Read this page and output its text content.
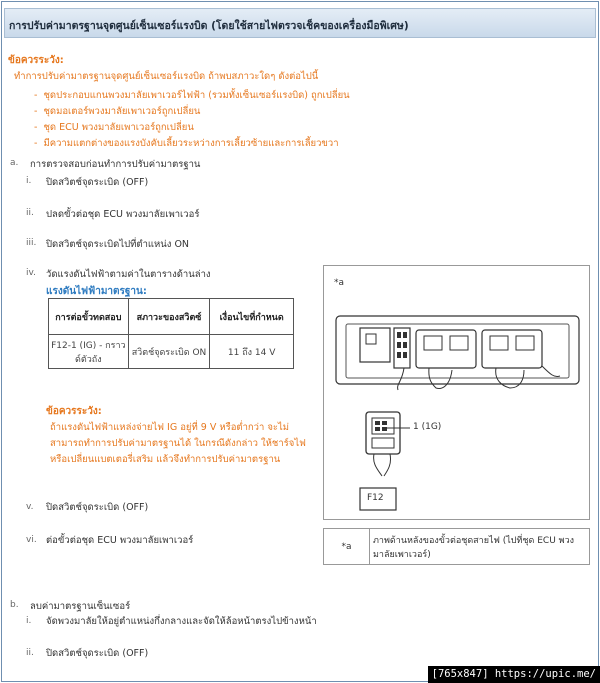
การปรับค่ามาตรฐานจุดศูนย์เซ็นเซอร์แรงบิด (โดยใช้สายไฟตรวจเช็คของเครื่องมือพิเศษ)
ข้อควรระวัง:
ทำการปรับค่ามาตรฐานจุดศูนย์เซ็นเซอร์แรงบิด ถ้าพบสภาวะใดๆ ดังต่อไปนี้
-  ชุดประกอบแกนพวงมาลัยเพาเวอร์ไฟฟ้า (รวมทั้งเซ็นเซอร์แรงบิด) ถูกเปลี่ยน
-  ชุดมอเตอร์พวงมาลัยเพาเวอร์ถูกเปลี่ยน
-  ชุด ECU พวงมาลัยเพาเวอร์ถูกเปลี่ยน
-  มีความแตกต่างของแรงบังคับเลี้ยวระหว่างการเลี้ยวซ้ายและการเลี้ยวขวา
a. การตรวจสอบก่อนทำการปรับค่ามาตรฐาน
i. ปิดสวิตช์จุดระเบิด (OFF)
ii. ปลดขั้วต่อชุด ECU พวงมาลัยเพาเวอร์
iii. ปิดสวิตช์จุดระเบิดไปที่ตำแหน่ง ON
iv. วัดแรงดันไฟฟ้าตามค่าในตารางด้านล่าง
แรงดันไฟฟ้ามาตรฐาน:
การต่อขั้วทดสอบ	สภาวะของสวิตซ์	เงื่อนไขที่กำหนด
F12-1 (IG) - กราวด์ตัวถัง	สวิตช์จุดระเบิด ON	11 ถึง 14 V
ข้อควรระวัง:
ถ้าแรงดันไฟฟ้าแหล่งจ่ายไฟ IG อยู่ที่ 9 V หรือต่ำกว่า จะไม่
สามารถทำการปรับค่ามาตรฐานได้ ในกรณีดังกล่าว ให้ชาร์จไฟ
หรือเปลี่ยนแบตเตอรี่เสริม แล้วจึงทำการปรับค่ามาตรฐาน
v. ปิดสวิตช์จุดระเบิด (OFF)
vi. ต่อขั้วต่อชุด ECU พวงมาลัยเพาเวอร์
*a
1 (1G)
F12
*a	ภาพด้านหลังของขั้วต่อชุดสายไฟ (ไปที่ชุด ECU พวงมาลัยเพาเวอร์)
b. ลบค่ามาตรฐานเซ็นเซอร์
i. จัดพวงมาลัยให้อยู่ตำแหน่งกึ่งกลางและจัดให้ล้อหน้าตรงไปข้างหน้า
ii. ปิดสวิตช์จุดระเบิด (OFF)
[765x847] https://upic.me/
